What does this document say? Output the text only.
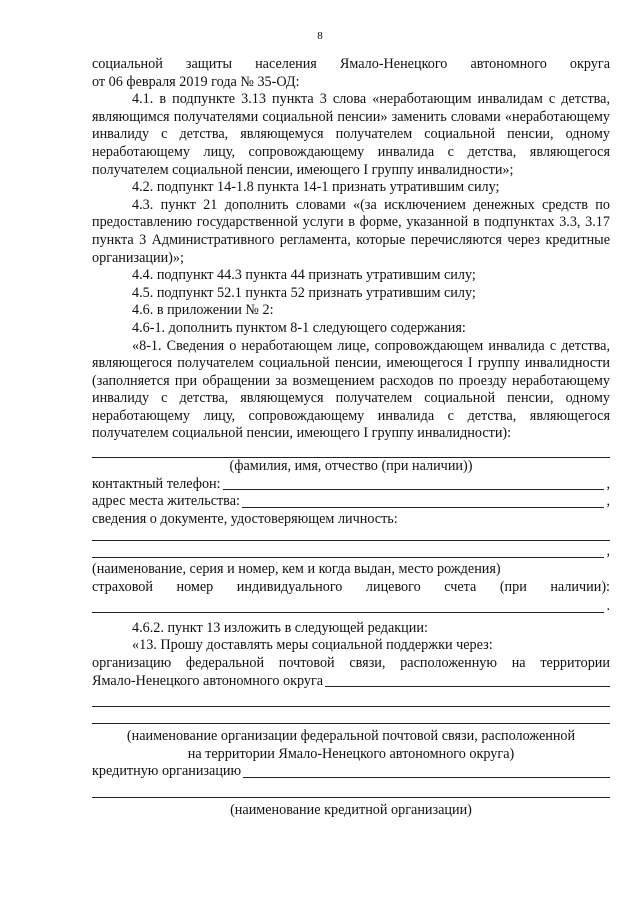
8

социальной защиты населения Ямало-Ненецкого автономного округа

от 06 февраля 2019 года № 35-ОД:

4.1. в подпункте 3.13 пункта 3 слова «неработающим инвалидам с детства, являющимся получателями социальной пенсии» заменить словами «неработающему инвалиду с детства, являющемуся получателем социальной пенсии, одному неработающему лицу, сопровождающему инвалида с детства, являющегося получателем социальной пенсии, имеющего I группу инвалидности»;

4.2. подпункт 14-1.8 пункта 14-1 признать утратившим силу;

4.3. пункт 21 дополнить словами «(за исключением денежных средств по предоставлению государственной услуги в форме, указанной в подпунктах 3.3, 3.17 пункта 3 Административного регламента, которые перечисляются через кредитные организации)»;

4.4. подпункт 44.3 пункта 44 признать утратившим силу;

4.5. подпункт 52.1 пункта 52 признать утратившим силу;

4.6. в приложении № 2:

4.6-1. дополнить пунктом 8-1 следующего содержания:

«8-1. Сведения о неработающем лице, сопровождающем инвалида с детства, являющегося получателем социальной пенсии, имеющегося I группу инвалидности (заполняется при обращении за возмещением расходов по проезду неработающему инвалиду с детства, являющемуся получателем социальной пенсии, одному неработающему лицу, сопровождающему инвалида с детства, являющегося получателем социальной пенсии, имеющего I группу инвалидности):

(фамилия, имя, отчество (при наличии))

контактный телефон:	,
адрес места жительства:	,

сведения о документе, удостоверяющем личность:

,

(наименование, серия и номер, кем и когда выдан, место рождения)

страховой номер индивидуального лицевого счета (при наличии):

.

4.6.2. пункт 13 изложить в следующей редакции:

«13. Прошу доставлять меры социальной поддержки через:

организацию федеральной почтовой связи, расположенную на территории

Ямало-Ненецкого автономного округа

(наименование организации федеральной почтовой связи, расположенной

на территории Ямало-Ненецкого автономного округа)

кредитную организацию

(наименование кредитной организации)
